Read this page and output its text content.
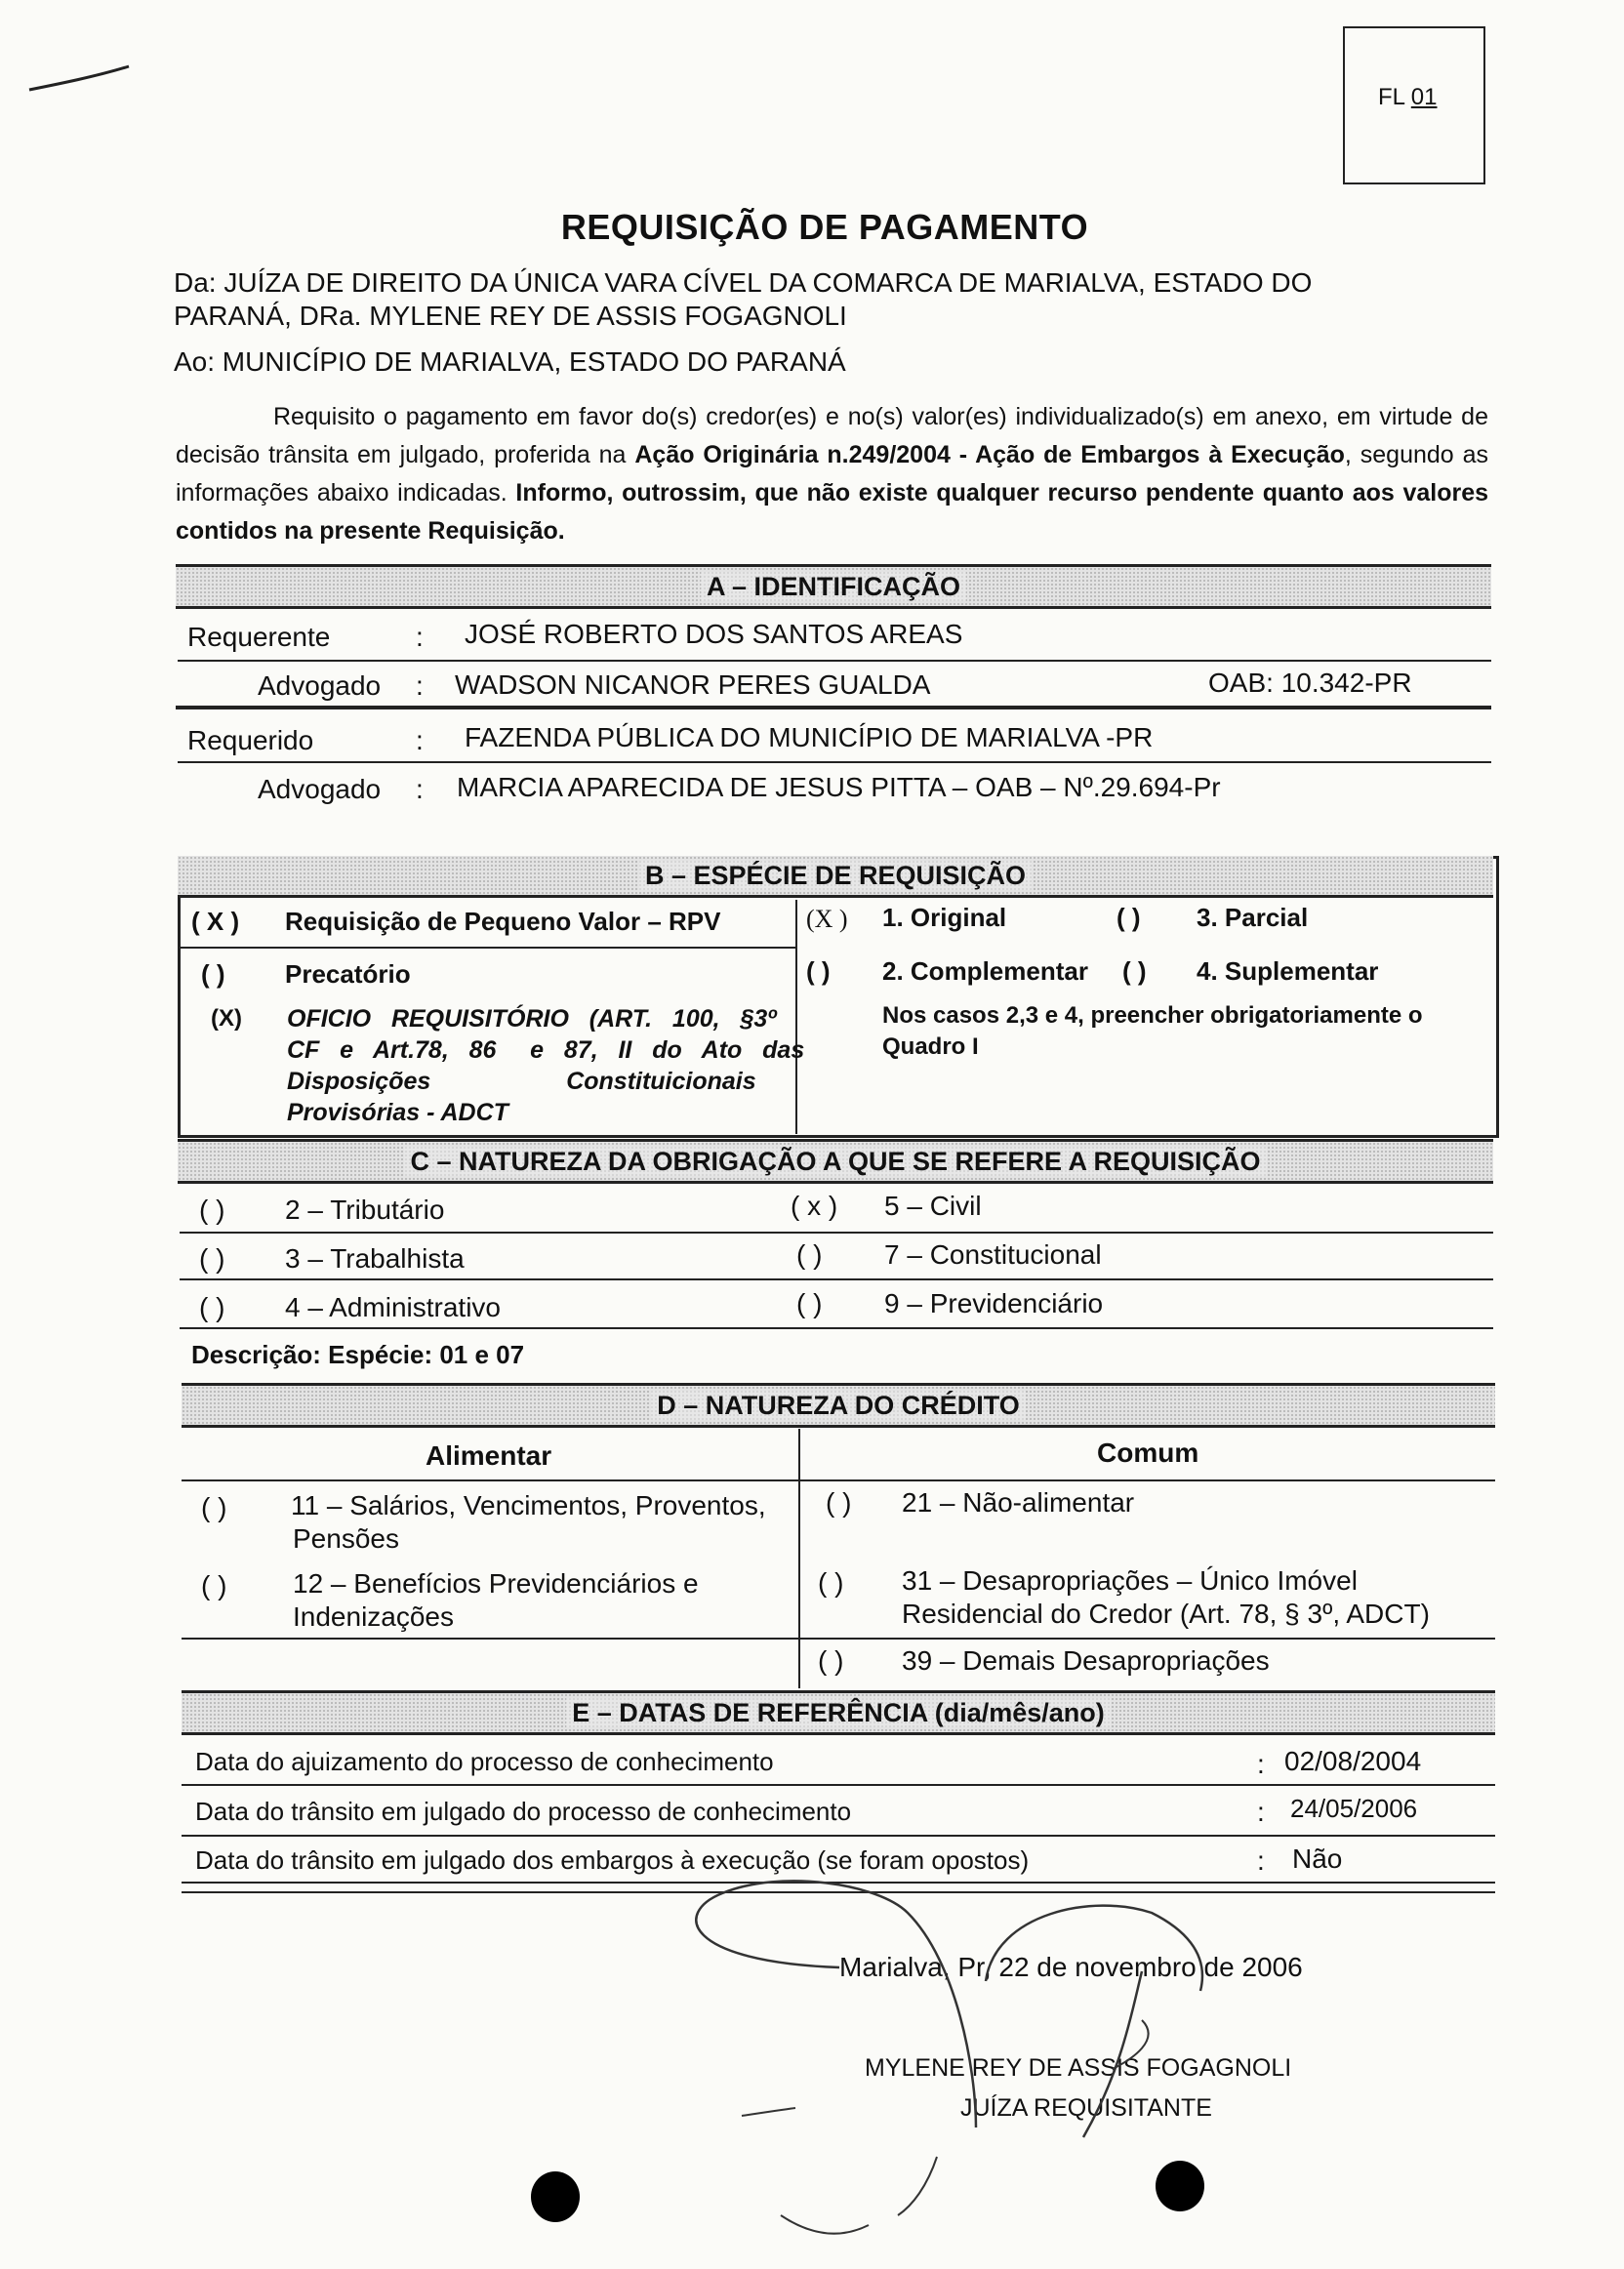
FL 01
REQUISIÇÃO DE PAGAMENTO
Da: JUÍZA DE DIREITO DA ÚNICA VARA CÍVEL DA COMARCA DE MARIALVA, ESTADO DO
PARANÁ, DRa. MYLENE REY DE ASSIS FOGAGNOLI
Ao: MUNICÍPIO DE MARIALVA, ESTADO DO PARANÁ
Requisito o pagamento em favor do(s) credor(es) e no(s) valor(es) individualizado(s) em anexo, em virtude de decisão trânsita em julgado, proferida na Ação Originária n.249/2004 - Ação de Embargos à Execução, segundo as informações abaixo indicadas. Informo, outrossim, que não existe qualquer recurso pendente quanto aos valores contidos na presente Requisição.
A – IDENTIFICAÇÃO
Requerente	: JOSÉ ROBERTO DOS SANTOS AREAS
Advogado : WADSON NICANOR PERES GUALDA	OAB: 10.342-PR
Requerido	: FAZENDA PÚBLICA DO MUNICÍPIO DE MARIALVA -PR
Advogado : MARCIA APARECIDA DE JESUS PITTA – OAB – Nº.29.694-Pr
B – ESPÉCIE DE REQUISIÇÃO
( X ) Requisição de Pequeno Valor – RPV
( ) Precatório
(X) OFICIO   REQUISITÓRIO   (ART.   100,   §3º
CF   e   Art.78,   86     e   87,   II   do   Ato   das
Disposições                    Constituicionais
Provisórias - ADCT
(X ) 1. Original	( ) 3. Parcial
( ) 2. Complementar ( ) 4. Suplementar
Nos casos 2,3 e 4, preencher obrigatoriamente o
Quadro I
C – NATUREZA DA OBRIGAÇÃO A QUE SE REFERE A REQUISIÇÃO
( ) 2 – Tributário	( x ) 5 – Civil
( ) 3 – Trabalhista	( ) 7 – Constitucional
( ) 4 – Administrativo	( ) 9 – Previdenciário
Descrição: Espécie: 01 e 07
D – NATUREZA DO CRÉDITO
Alimentar	Comum
( ) 11 – Salários, Vencimentos, Proventos,
Pensões
( ) 21 – Não-alimentar
( ) 12 – Benefícios Previdenciários e
Indenizações
( ) 31 – Desapropriações – Único Imóvel
Residencial do Credor (Art. 78, § 3º, ADCT)
( ) 39 – Demais Desapropriações
E – DATAS DE REFERÊNCIA (dia/mês/ano)
Data do ajuizamento do processo de conhecimento	: 02/08/2004
Data do trânsito em julgado do processo de conhecimento	: 24/05/2006
Data do trânsito em julgado dos embargos à execução (se foram opostos)	: Não
Marialva, Pr, 22 de novembro de 2006
MYLENE REY DE ASSIS FOGAGNOLI
JUÍZA REQUISITANTE
